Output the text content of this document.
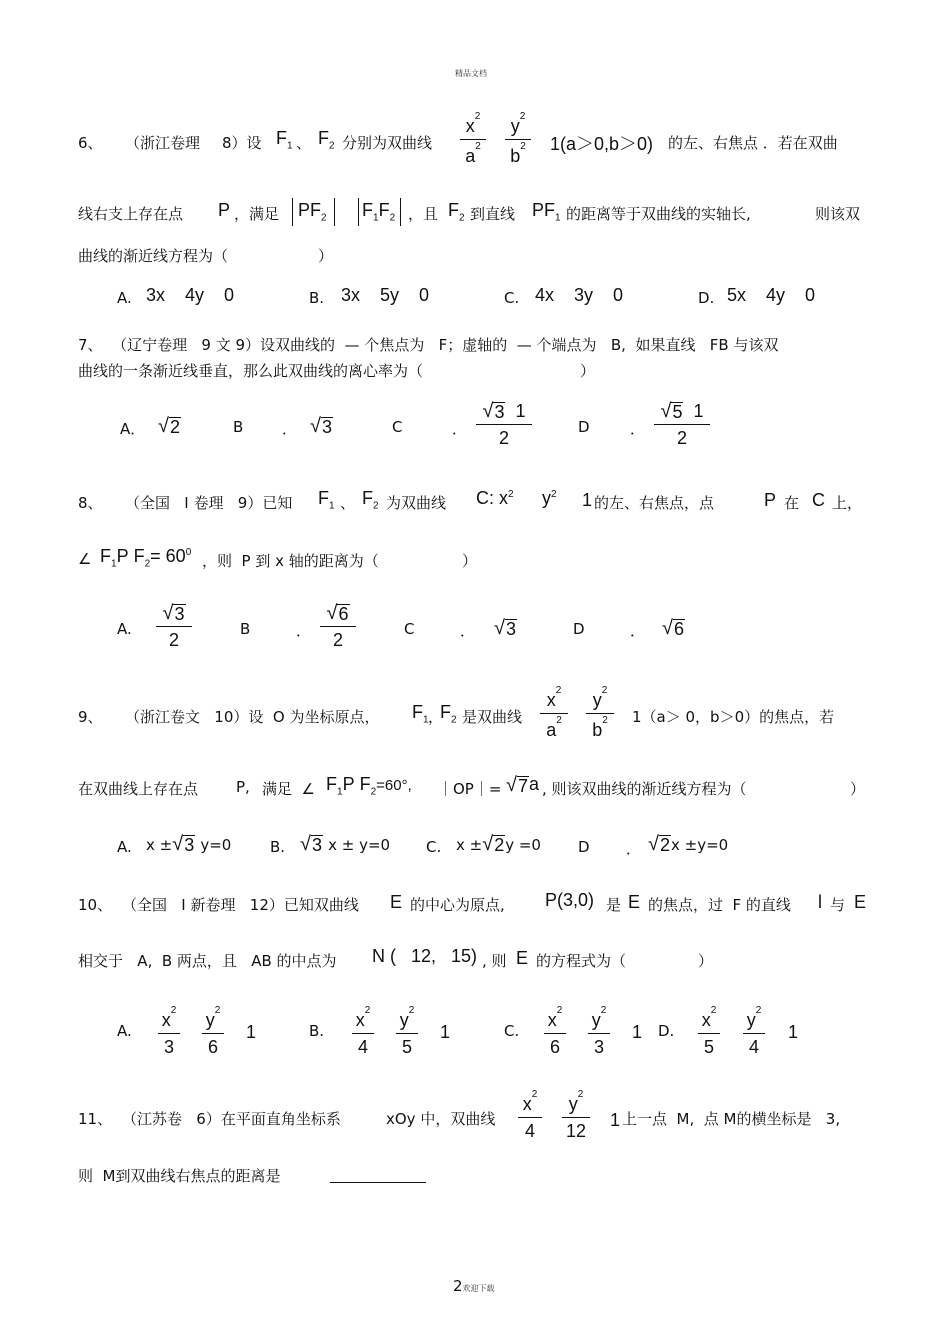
精品文档
6、 （浙江卷理 8）设 $F_1$ 、 $F_2$ 分别为双曲线
$x^2$
$a^2$
$y^2$
$b^2$ 1(a＞0,b＞0) 的左、右焦点 ．若在双曲
线右支上存在点 P ，满足 $PF_2$ $F_1F_2$ ，且 $F_2$ 到直线 $PF_1$ 的距离等于双曲线的实轴长,	则该双
曲线的渐近线方程为（	）
A. 3x    4y    0	B. 3x    5y    0	C. 4x    3y    0	D. 5x    4y    0
7、  （辽宁卷理   9 文 9）设双曲线的  — 个焦点为   F；虚轴的  — 个端点为   B,  如果直线   FB 与该双
曲线的一条渐近线垂直，那么此双曲线的离心率为（	）
A． √ 2	B	． √ 3	C	．
√ 3 1
2
D	．
√ 5 1
2
8、 （全国   I 卷理   9）已知 $F_1$ 、 $F_2$ 为双曲线 C: $x^2$ $y^2$ 1 的左、右焦点，点	P 在 C 上，
∠ $F_1P$ $F_2= 60^0$ ，则  P 到 x 轴的距离为（	）
A.
√ 3
2
B	．
√ 6
2
C	． √ 3	D	． √ 6
9、 （浙江卷文   10）设  O 为坐标原点， $F_1$ ，
$F_2$ 是双曲线
$x^2$
$a^2$
$y^2$
$b^2$ 1（a＞ 0，b＞0）的焦点，若
在双曲线上存在点	P, 满足  ∠ $F_1P$ $F_2=60^\circ$, ｜OP｜= √ 7 a , 则该双曲线的渐近线方程为（	）
A. x ± √ 3 y=0	B. √ 3 x ± y=0 C. x ± √ 2 y =0 D ． √ 2 x ±y=0
10、 （全国   I 新卷理   12）已知双曲线 E 的中心为原点, P(3,0) 是 E 的焦点，过  F 的直线 l 与 E
相交于   A,  B 两点，且   AB 的中点为 N (   12,   15) , 则 E 的方程式为（	）
A.
$x^2$
3
$y^2$
6
1	B.
$x^2$
4
$y^2$
5
1	C.
$x^2$
6
$y^2$
3
1 D.
$x^2$
5
$y^2$
4
1
11、 （江苏卷   6）在平面直角坐标系	xOy 中，双曲线
$x^2$
4
$y^2$
12
1 上一点  M,  点 M的横坐标是   3,
则  M到双曲线右焦点的距离是
2欢迎下载
